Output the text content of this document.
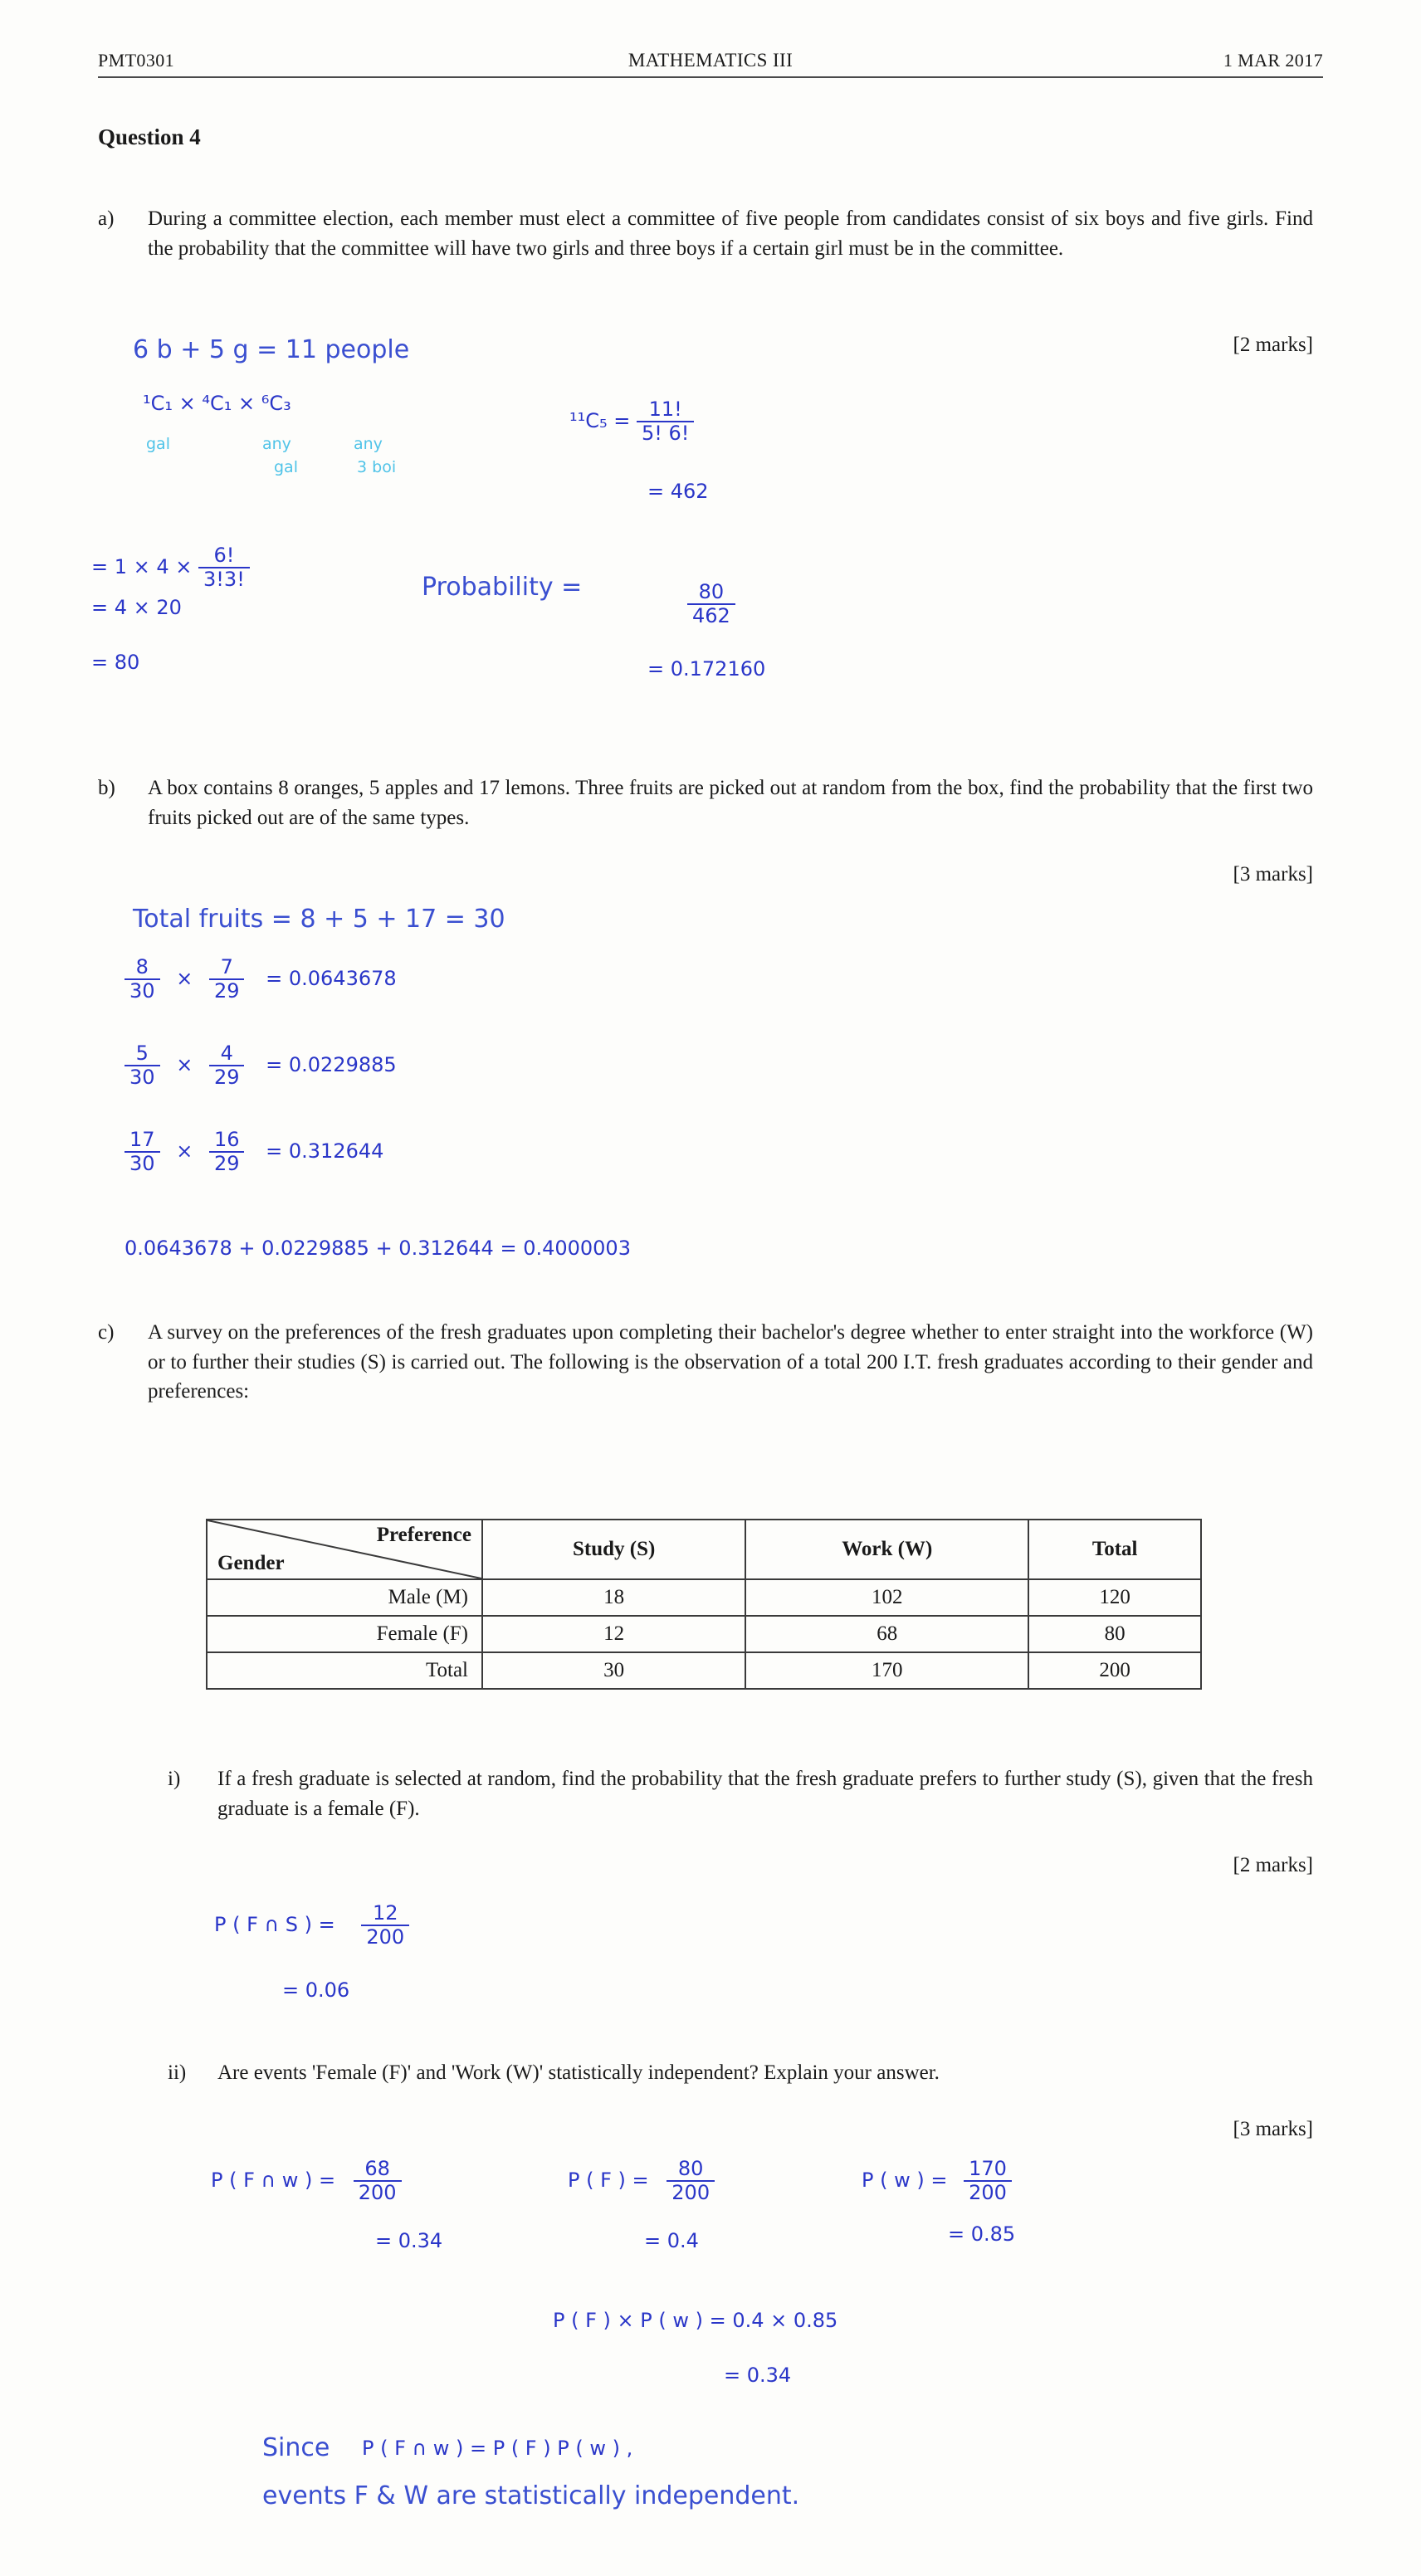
PMT0301	MATHEMATICS III	1 MAR 2017
Question 4
a)	During a committee election, each member must elect a committee of five people from candidates consist of six boys and five girls. Find the probability that the committee will have two girls and three boys if a certain girl must be in the committee.
[2 marks]
6 b + 5 g = 11 people
¹C₁ × ⁴C₁ × ⁶C₃
gal	any
gal
any
3 boi
= $1 \times 4 \times \frac{6!}{3!3!}$
= 4 × 20
= 80
$^{11}C_5 = \frac{11!}{5! 6!}$
= 462
Probability =	$\frac{80}{462}$
= 0.172160
b)	A box contains 8 oranges, 5 apples and 17 lemons. Three fruits are picked out at random from the box, find the probability that the first two fruits picked out are of the same types.
[3 marks]
Total fruits = 8 + 5 + 17 = 30
$\frac{8}{30} \times \frac{7}{29} = 0.0643678$
$\frac{5}{30} \times \frac{4}{29} = 0.0229885$
$\frac{17}{30} \times \frac{16}{29} = 0.312644$
0.0643678 + 0.0229885 + 0.312644 = 0.4000003
c)	A survey on the preferences of the fresh graduates upon completing their bachelor's degree whether to enter straight into the workforce (W) or to further their studies (S) is carried out. The following is the observation of a total 200 I.T. fresh graduates according to their gender and preferences:
Preference
Gender	Study (S)	Work (W)	Total
Male (M)	18	102	120
Female (F)	12	68	80
Total	30	170	200
i)	If a fresh graduate is selected at random, find the probability that the fresh graduate prefers to further study (S), given that the fresh graduate is a female (F).
[2 marks]
P ( F ∩ S ) = $\frac{12}{200}$
= 0.06
ii)	Are events 'Female (F)' and 'Work (W)' statistically independent? Explain your answer.
[3 marks]
P ( F ∩ w ) = $\frac{68}{200}$
= 0.34
P ( F ) = $\frac{80}{200}$
= 0.4
P ( w ) = $\frac{170}{200}$
= 0.85
P ( F ) × P ( w ) = 0.4 × 0.85
= 0.34
Since P ( F ∩ w ) = P ( F ) P ( w ) ,
events F & W are statistically independent.
